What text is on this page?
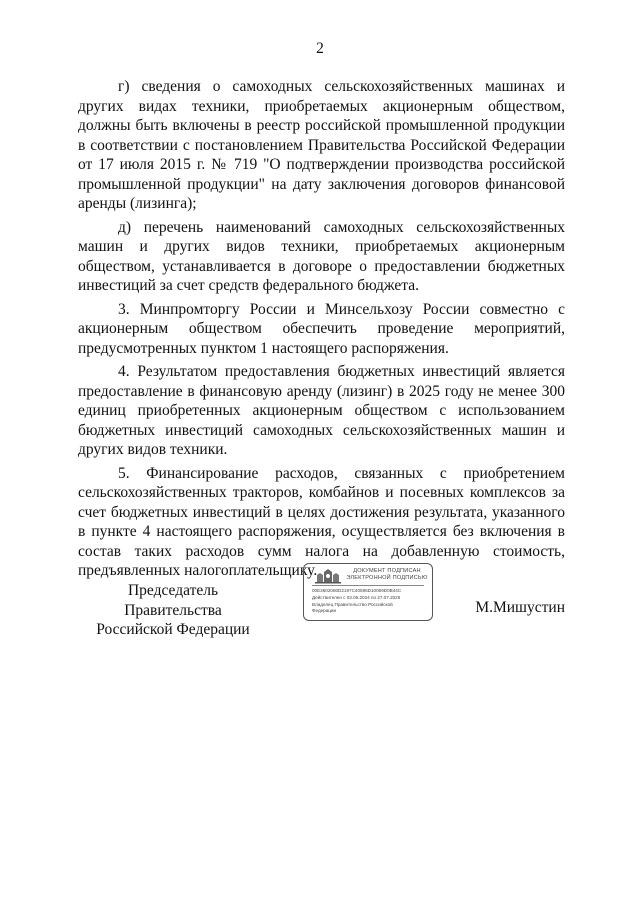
2

г) сведения о самоходных сельскохозяйственных машинах и других видах техники, приобретаемых акционерным обществом, должны быть включены в реестр российской промышленной продукции в соответствии с постановлением Правительства Российской Федерации от 17 июля 2015 г. № 719 "О подтверждении производства российской промышленной продукции" на дату заключения договоров финансовой аренды (лизинга);

д) перечень наименований самоходных сельскохозяйственных машин и других видов техники, приобретаемых акционерным обществом, устанавливается в договоре о предоставлении бюджетных инвестиций за счет средств федерального бюджета.

3. Минпромторгу России и Минсельхозу России совместно с акционерным обществом обеспечить проведение мероприятий, предусмотренных пунктом 1 настоящего распоряжения.

4. Результатом предоставления бюджетных инвестиций является предоставление в финансовую аренду (лизинг) в 2025 году не менее 300 единиц приобретенных акционерным обществом с использованием бюджетных инвестиций самоходных сельскохозяйственных машин и других видов техники.

5. Финансирование расходов, связанных с приобретением сельскохозяйственных тракторов, комбайнов и посевных комплексов за счет бюджетных инвестиций в целях достижения результата, указанного в пункте 4 настоящего распоряжения, осуществляется без включения в состав таких расходов сумм налога на добавленную стоимость, предъявленных налогоплательщику.

Председатель Правительства
Российской Федерации
ДОКУМЕНТ ПОДПИСАН
ЭЛЕКТРОННОЙ ПОДПИСЬЮ
00E3602080D2197C40596D10069D0B44C
Действителен с 03.05.2024 по 27.07.2026
Владелец Правительство Российской
Федерации	М.Мишустин
